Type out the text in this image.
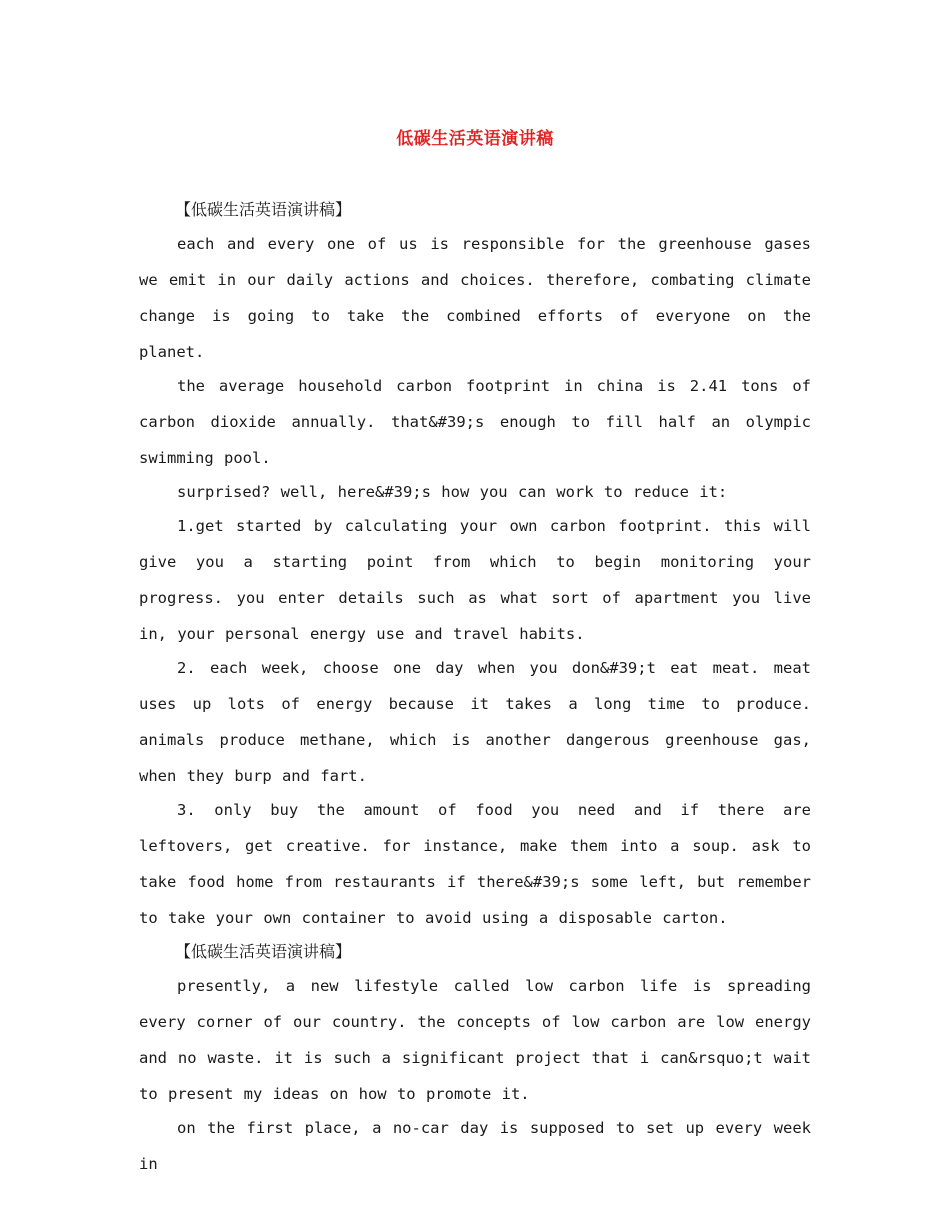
低碳生活英语演讲稿
【低碳生活英语演讲稿】

each and every one of us is responsible for the greenhouse gases we emit in our daily actions and choices. therefore, combating climate change is going to take the combined efforts of everyone on the planet.

the average household carbon footprint in china is 2.41 tons of carbon dioxide annually. that&#39;s enough to fill half an olympic swimming pool.

surprised? well, here&#39;s how you can work to reduce it:

1.get started by calculating your own carbon footprint. this will give you a starting point from which to begin monitoring your progress. you enter details such as what sort of apartment you live in, your personal energy use and travel habits.

2. each week, choose one day when you don&#39;t eat meat. meat uses up lots of energy because it takes a long time to produce. animals produce methane, which is another dangerous greenhouse gas, when they burp and fart.

3. only buy the amount of food you need and if there are leftovers, get creative. for instance, make them into a soup. ask to take food home from restaurants if there&#39;s some left, but remember to take your own container to avoid using a disposable carton.

【低碳生活英语演讲稿】

presently, a new lifestyle called low carbon life is spreading every corner of our country. the concepts of low carbon are low energy and no waste. it is such a significant project that i can&rsquo;t wait to present my ideas on how to promote it.

on the first place, a no-car day is supposed to set up every week in
